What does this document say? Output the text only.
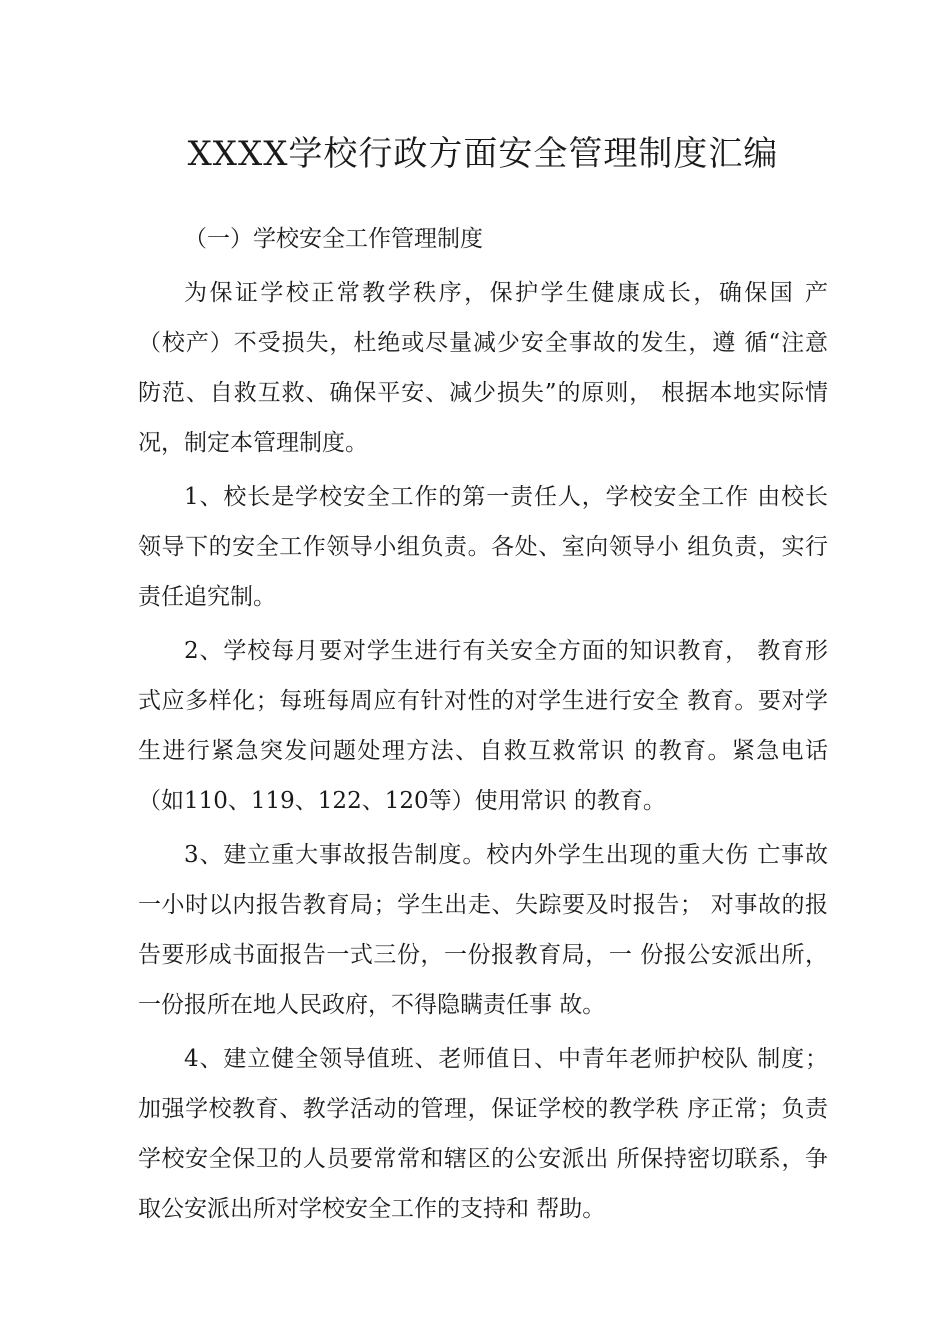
XXXX学校行政方面安全管理制度汇编

（一）学校安全工作管理制度

为保证学校正常教学秩序，保护学生健康成长，确保国 产
（校产）不受损失，杜绝或尽量减少安全事故的发生，遵 循“注意
防范、自救互救、确保平安、减少损失”的原则， 根据本地实际情
况，制定本管理制度。

1、校长是学校安全工作的第一责任人，学校安全工作 由校长
领导下的安全工作领导小组负责。各处、室向领导小 组负责，实行
责任追究制。

2、学校每月要对学生进行有关安全方面的知识教育， 教育形
式应多样化；每班每周应有针对性的对学生进行安全 教育。要对学
生进行紧急突发问题处理方法、自救互救常识 的教育。紧急电话
（如110、119、122、120等）使用常识 的教育。

3、建立重大事故报告制度。校内外学生出现的重大伤 亡事故
一小时以内报告教育局；学生出走、失踪要及时报告； 对事故的报
告要形成书面报告一式三份，一份报教育局，一 份报公安派出所，
一份报所在地人民政府，不得隐瞒责任事 故。

4、建立健全领导值班、老师值日、中青年老师护校队 制度；
加强学校教育、教学活动的管理，保证学校的教学秩 序正常；负责
学校安全保卫的人员要常常和辖区的公安派出 所保持密切联系，争
取公安派出所对学校安全工作的支持和 帮助。
